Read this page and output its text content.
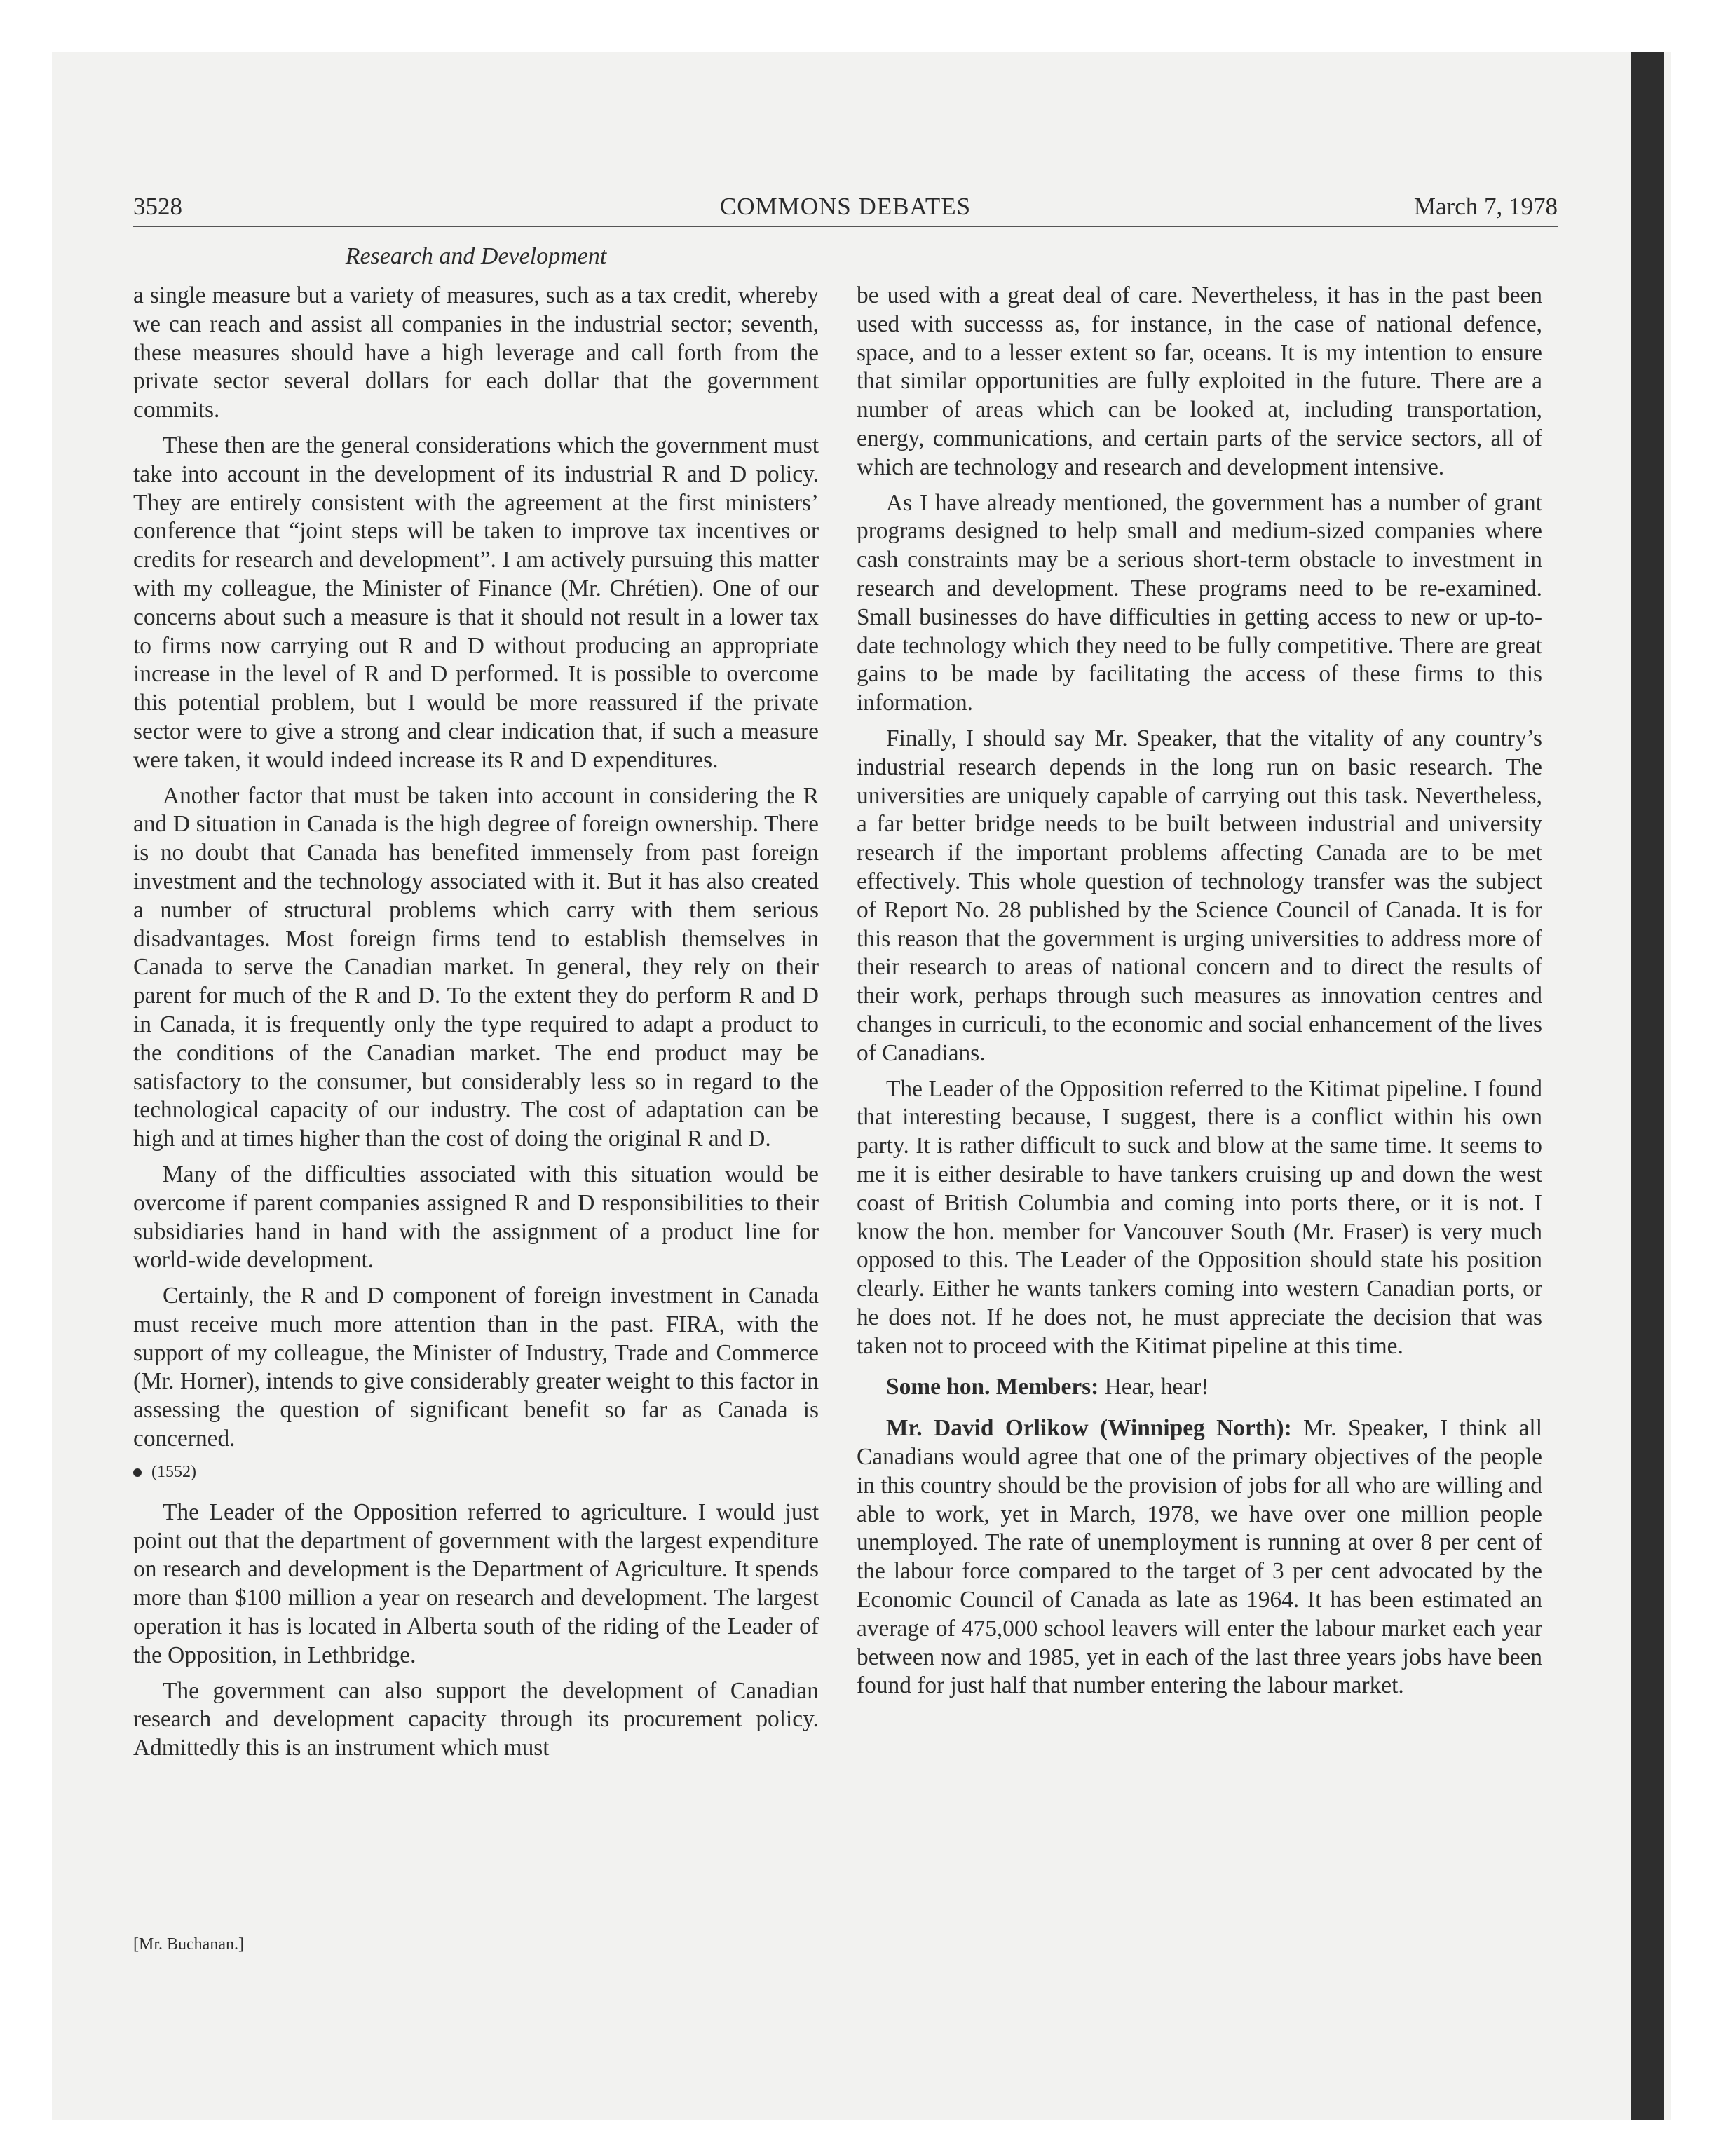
3528	COMMONS DEBATES	March 7, 1978
Research and Development

a single measure but a variety of measures, such as a tax credit, whereby we can reach and assist all companies in the industrial sector; seventh, these measures should have a high leverage and call forth from the private sector several dollars for each dollar that the government commits.

These then are the general considerations which the government must take into account in the development of its industrial R and D policy. They are entirely consistent with the agreement at the first ministers’ conference that “joint steps will be taken to improve tax incentives or credits for research and development”. I am actively pursuing this matter with my colleague, the Minister of Finance (Mr. Chrétien). One of our concerns about such a measure is that it should not result in a lower tax to firms now carrying out R and D without producing an appropriate increase in the level of R and D performed. It is possible to overcome this potential problem, but I would be more reassured if the private sector were to give a strong and clear indication that, if such a measure were taken, it would indeed increase its R and D expenditures.

Another factor that must be taken into account in considering the R and D situation in Canada is the high degree of foreign ownership. There is no doubt that Canada has benefited immensely from past foreign investment and the technology associated with it. But it has also created a number of structural problems which carry with them serious disadvantages. Most foreign firms tend to establish themselves in Canada to serve the Canadian market. In general, they rely on their parent for much of the R and D. To the extent they do perform R and D in Canada, it is frequently only the type required to adapt a product to the conditions of the Canadian market. The end product may be satisfactory to the consumer, but considerably less so in regard to the technological capacity of our industry. The cost of adaptation can be high and at times higher than the cost of doing the original R and D.

Many of the difficulties associated with this situation would be overcome if parent companies assigned R and D responsibilities to their subsidiaries hand in hand with the assignment of a product line for world-wide development.

Certainly, the R and D component of foreign investment in Canada must receive much more attention than in the past. FIRA, with the support of my colleague, the Minister of Industry, Trade and Commerce (Mr. Horner), intends to give considerably greater weight to this factor in assessing the question of significant benefit so far as Canada is concerned.

(1552)

The Leader of the Opposition referred to agriculture. I would just point out that the department of government with the largest expenditure on research and development is the Department of Agriculture. It spends more than $100 million a year on research and development. The largest operation it has is located in Alberta south of the riding of the Leader of the Opposition, in Lethbridge.

The government can also support the development of Canadian research and development capacity through its procurement policy. Admittedly this is an instrument which must

be used with a great deal of care. Nevertheless, it has in the past been used with successs as, for instance, in the case of national defence, space, and to a lesser extent so far, oceans. It is my intention to ensure that similar opportunities are fully exploited in the future. There are a number of areas which can be looked at, including transportation, energy, communications, and certain parts of the service sectors, all of which are technology and research and development intensive.

As I have already mentioned, the government has a number of grant programs designed to help small and medium-sized companies where cash constraints may be a serious short-term obstacle to investment in research and development. These programs need to be re-examined. Small businesses do have difficulties in getting access to new or up-to-date technology which they need to be fully competitive. There are great gains to be made by facilitating the access of these firms to this information.

Finally, I should say Mr. Speaker, that the vitality of any country’s industrial research depends in the long run on basic research. The universities are uniquely capable of carrying out this task. Nevertheless, a far better bridge needs to be built between industrial and university research if the important problems affecting Canada are to be met effectively. This whole question of technology transfer was the subject of Report No. 28 published by the Science Council of Canada. It is for this reason that the government is urging universities to address more of their research to areas of national concern and to direct the results of their work, perhaps through such measures as innovation centres and changes in curriculi, to the economic and social enhancement of the lives of Canadians.

The Leader of the Opposition referred to the Kitimat pipeline. I found that interesting because, I suggest, there is a conflict within his own party. It is rather difficult to suck and blow at the same time. It seems to me it is either desirable to have tankers cruising up and down the west coast of British Columbia and coming into ports there, or it is not. I know the hon. member for Vancouver South (Mr. Fraser) is very much opposed to this. The Leader of the Opposition should state his position clearly. Either he wants tankers coming into western Canadian ports, or he does not. If he does not, he must appreciate the decision that was taken not to proceed with the Kitimat pipeline at this time.

Some hon. Members: Hear, hear!

Mr. David Orlikow (Winnipeg North): Mr. Speaker, I think all Canadians would agree that one of the primary objectives of the people in this country should be the provision of jobs for all who are willing and able to work, yet in March, 1978, we have over one million people unemployed. The rate of unemployment is running at over 8 per cent of the labour force compared to the target of 3 per cent advocated by the Economic Council of Canada as late as 1964. It has been estimated an average of 475,000 school leavers will enter the labour market each year between now and 1985, yet in each of the last three years jobs have been found for just half that number entering the labour market.

[Mr. Buchanan.]
